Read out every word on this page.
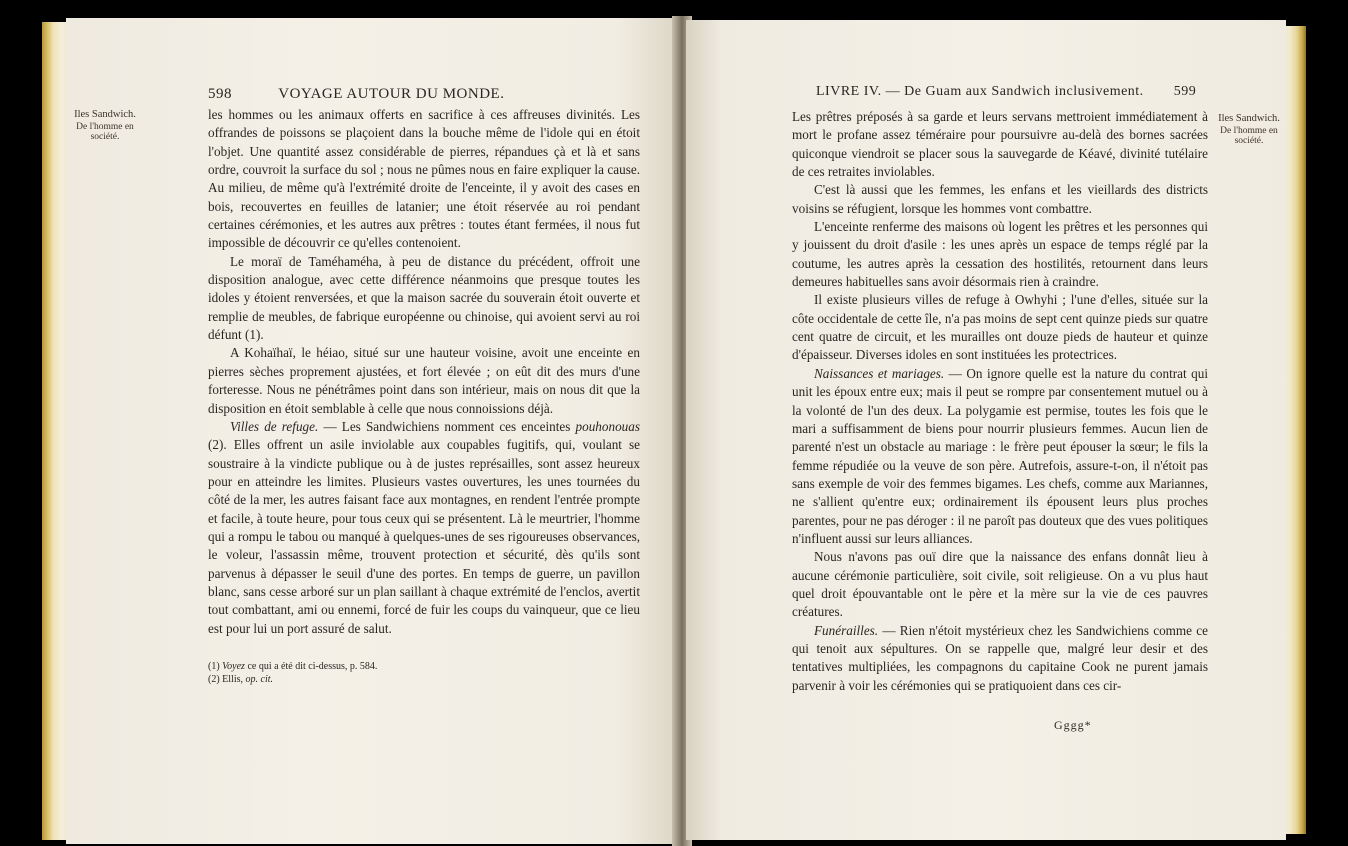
598	VOYAGE AUTOUR DU MONDE.
Iles Sandwich.
De l'homme en société.

les hommes ou les animaux offerts en sacrifice à ces affreuses divinités. Les offrandes de poissons se plaçoient dans la bouche même de l'idole qui en étoit l'objet. Une quantité assez considérable de pierres, répandues çà et là et sans ordre, couvroit la surface du sol ; nous ne pûmes nous en faire expliquer la cause. Au milieu, de même qu'à l'extrémité droite de l'enceinte, il y avoit des cases en bois, recouvertes en feuilles de latanier; une étoit réservée au roi pendant certaines cérémonies, et les autres aux prêtres : toutes étant fermées, il nous fut impossible de découvrir ce qu'elles contenoient.

Le moraï de Taméhaméha, à peu de distance du précédent, offroit une disposition analogue, avec cette différence néanmoins que presque toutes les idoles y étoient renversées, et que la maison sacrée du souverain étoit ouverte et remplie de meubles, de fabrique européenne ou chinoise, qui avoient servi au roi défunt (1).

A Kohaïhaï, le héiao, situé sur une hauteur voisine, avoit une enceinte en pierres sèches proprement ajustées, et fort élevée ; on eût dit des murs d'une forteresse. Nous ne pénétrâmes point dans son intérieur, mais on nous dit que la disposition en étoit semblable à celle que nous connoissions déjà.

Villes de refuge. — Les Sandwichiens nomment ces enceintes pouhonouas (2). Elles offrent un asile inviolable aux coupables fugitifs, qui, voulant se soustraire à la vindicte publique ou à de justes représailles, sont assez heureux pour en atteindre les limites. Plusieurs vastes ouvertures, les unes tournées du côté de la mer, les autres faisant face aux montagnes, en rendent l'entrée prompte et facile, à toute heure, pour tous ceux qui se présentent. Là le meurtrier, l'homme qui a rompu le tabou ou manqué à quelques-unes de ses rigoureuses observances, le voleur, l'assassin même, trouvent protection et sécurité, dès qu'ils sont parvenus à dépasser le seuil d'une des portes. En temps de guerre, un pavillon blanc, sans cesse arboré sur un plan saillant à chaque extrémité de l'enclos, avertit tout combattant, ami ou ennemi, forcé de fuir les coups du vainqueur, que ce lieu est pour lui un port assuré de salut.

(1) Voyez ce qui a été dit ci-dessus, p. 584.
(2) Ellis, op. cit.
LIVRE IV. — De Guam aux Sandwich inclusivement. 599
Iles Sandwich.
De l'homme en société.

Les prêtres préposés à sa garde et leurs servans mettroient immédiatement à mort le profane assez téméraire pour poursuivre au-delà des bornes sacrées quiconque viendroit se placer sous la sauvegarde de Kéavé, divinité tutélaire de ces retraites inviolables.

C'est là aussi que les femmes, les enfans et les vieillards des districts voisins se réfugient, lorsque les hommes vont combattre.

L'enceinte renferme des maisons où logent les prêtres et les personnes qui y jouissent du droit d'asile : les unes après un espace de temps réglé par la coutume, les autres après la cessation des hostilités, retournent dans leurs demeures habituelles sans avoir désormais rien à craindre.

Il existe plusieurs villes de refuge à Owhyhi ; l'une d'elles, située sur la côte occidentale de cette île, n'a pas moins de sept cent quinze pieds sur quatre cent quatre de circuit, et les murailles ont douze pieds de hauteur et quinze d'épaisseur. Diverses idoles en sont instituées les protectrices.

Naissances et mariages. — On ignore quelle est la nature du contrat qui unit les époux entre eux; mais il peut se rompre par consentement mutuel ou à la volonté de l'un des deux. La polygamie est permise, toutes les fois que le mari a suffisamment de biens pour nourrir plusieurs femmes. Aucun lien de parenté n'est un obstacle au mariage : le frère peut épouser la sœur; le fils la femme répudiée ou la veuve de son père. Autrefois, assure-t-on, il n'étoit pas sans exemple de voir des femmes bigames. Les chefs, comme aux Mariannes, ne s'allient qu'entre eux; ordinairement ils épousent leurs plus proches parentes, pour ne pas déroger : il ne paroît pas douteux que des vues politiques n'influent aussi sur leurs alliances.

Nous n'avons pas ouï dire que la naissance des enfans donnât lieu à aucune cérémonie particulière, soit civile, soit religieuse. On a vu plus haut quel droit épouvantable ont le père et la mère sur la vie de ces pauvres créatures.

Funérailles. — Rien n'étoit mystérieux chez les Sandwichiens comme ce qui tenoit aux sépultures. On se rappelle que, malgré leur desir et des tentatives multipliées, les compagnons du capitaine Cook ne purent jamais parvenir à voir les cérémonies qui se pratiquoient dans ces cir-

Gggg*
